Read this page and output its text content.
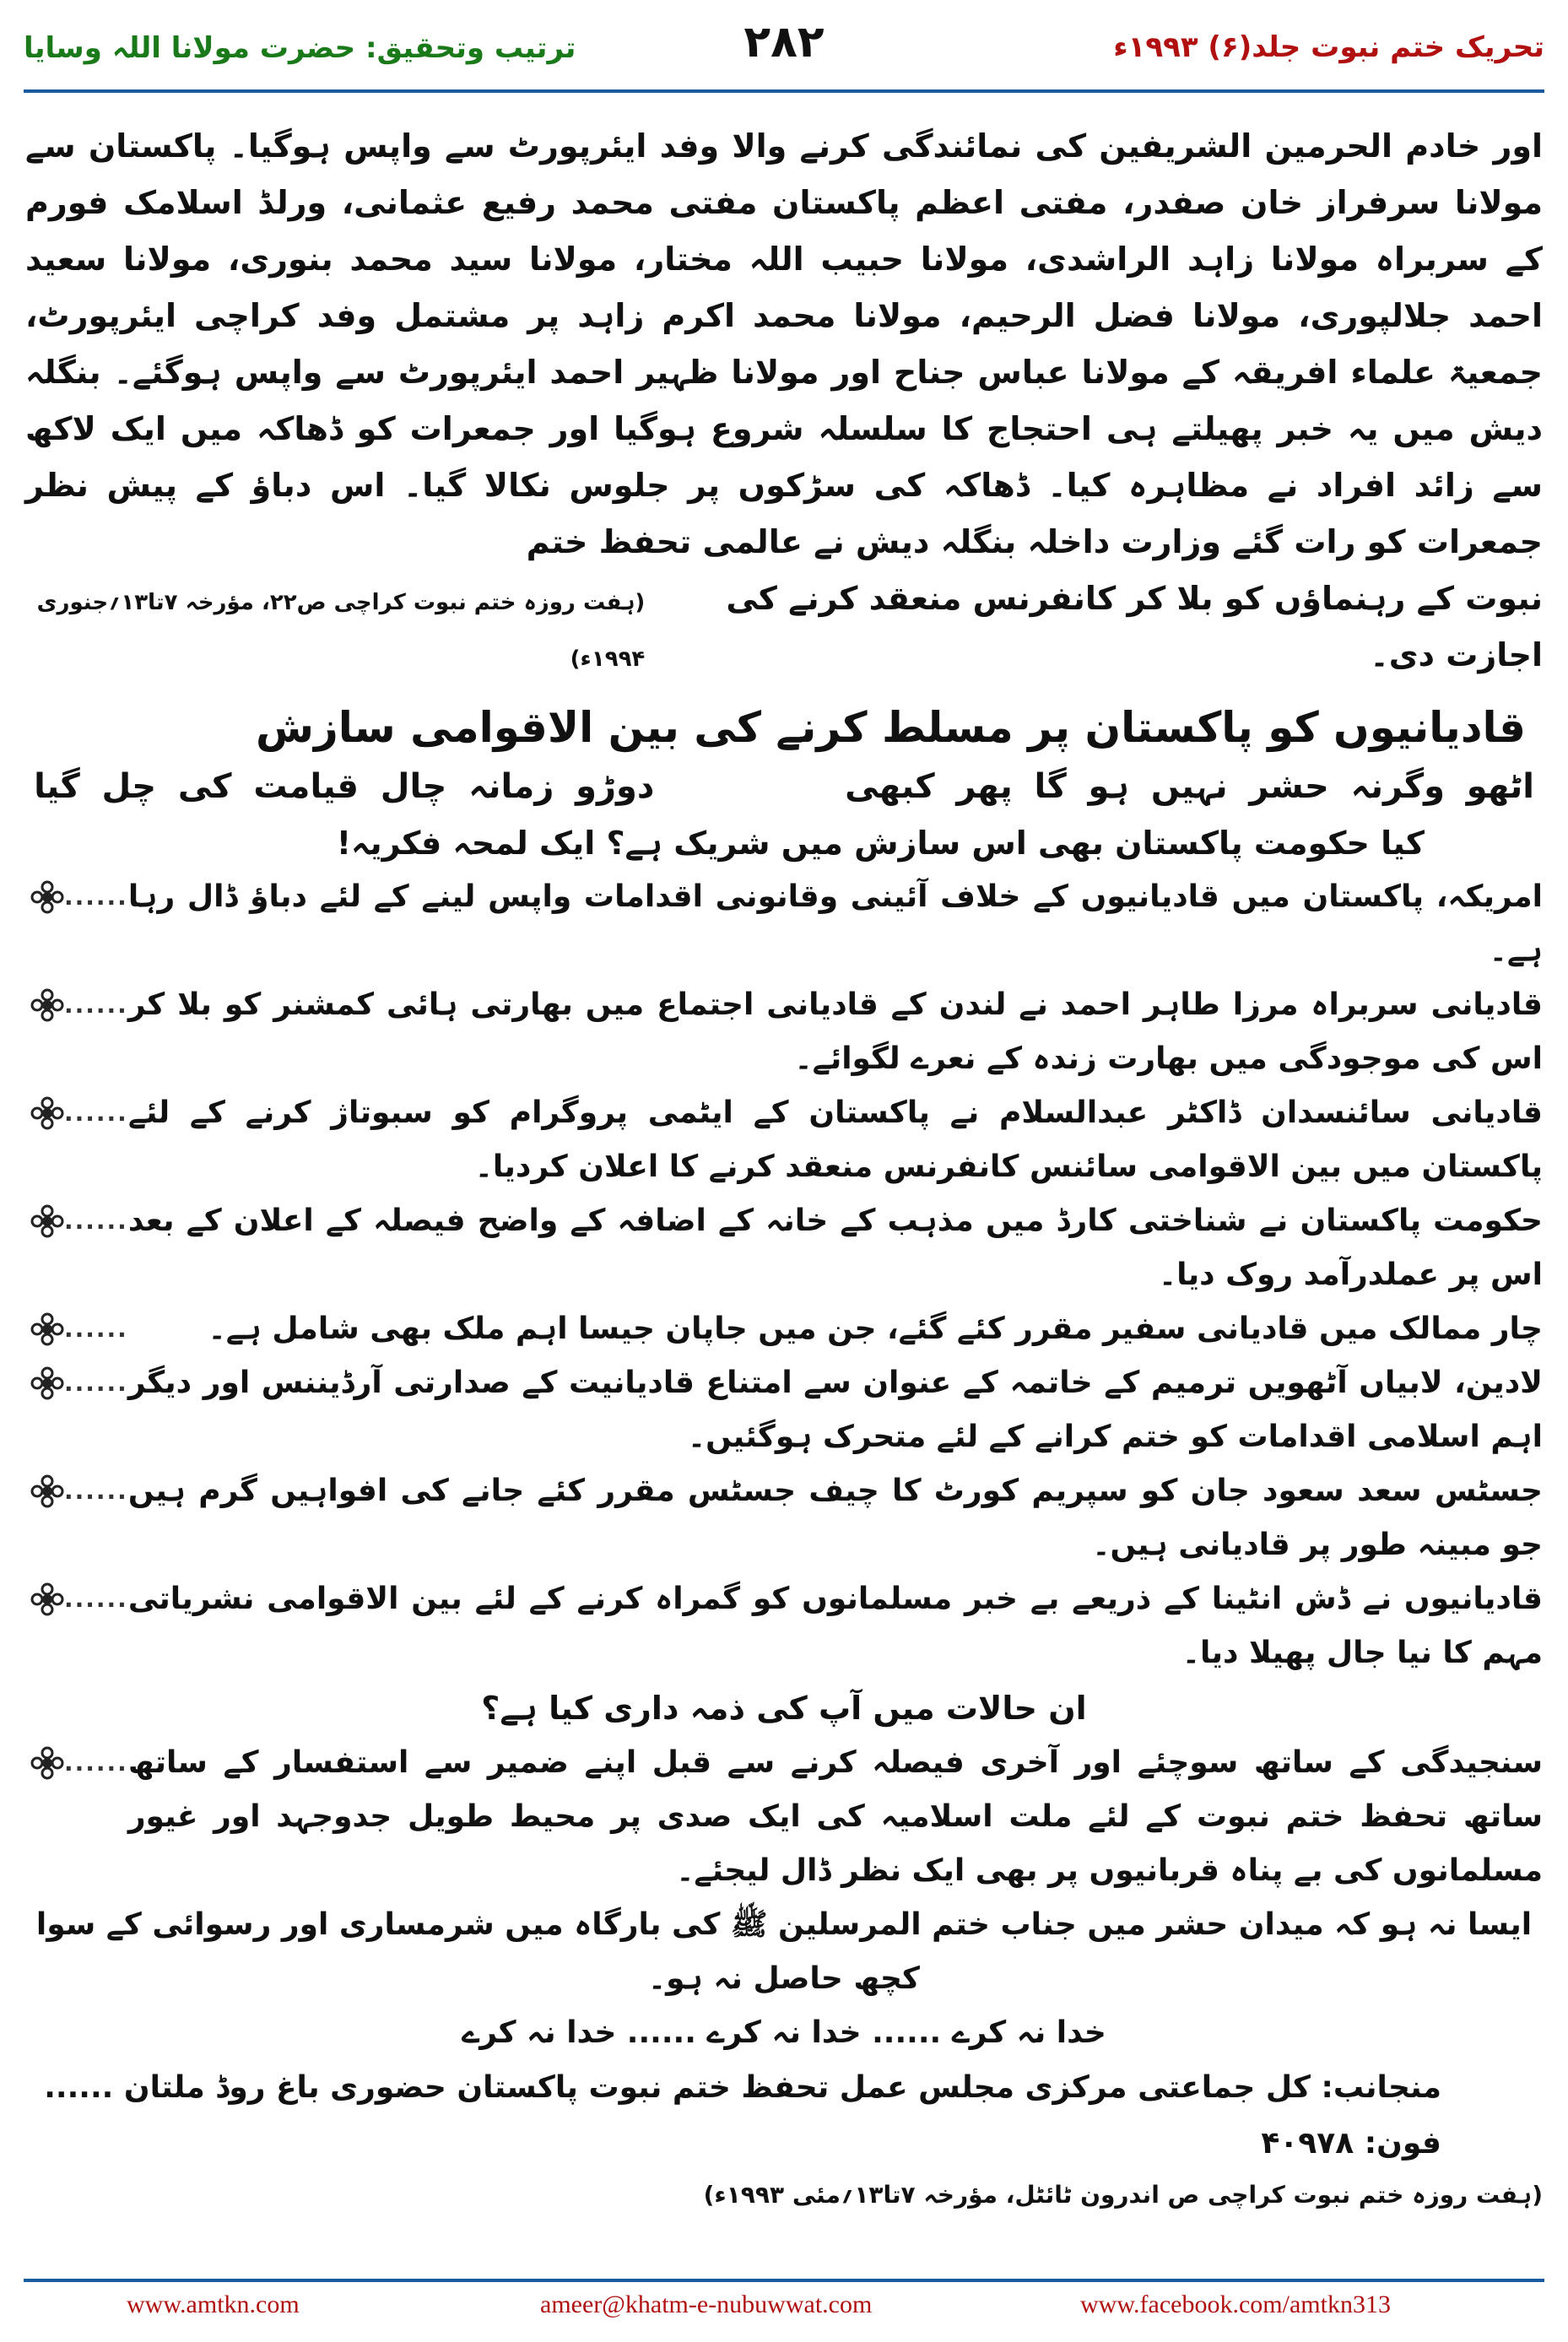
ترتیب وتحقیق: حضرت مولانا اللہ وسایا	۲۸۲	تحریک ختم نبوت جلد(۶) ۱۹۹۳ء

اور خادم الحرمین الشریفین کی نمائندگی کرنے والا وفد ایئرپورٹ سے واپس ہوگیا۔ پاکستان سے مولانا سرفراز خان صفدر، مفتی اعظم پاکستان مفتی محمد رفیع عثمانی، ورلڈ اسلامک فورم کے سربراہ مولانا زاہد الراشدی، مولانا حبیب اللہ مختار، مولانا سید محمد بنوری، مولانا سعید احمد جلالپوری، مولانا فضل الرحیم، مولانا محمد اکرم زاہد پر مشتمل وفد کراچی ایئرپورٹ، جمعیۃ علماء افریقہ کے مولانا عباس جناح اور مولانا ظہیر احمد ایئرپورٹ سے واپس ہوگئے۔ بنگلہ دیش میں یہ خبر پھیلتے ہی احتجاج کا سلسلہ شروع ہوگیا اور جمعرات کو ڈھاکہ میں ایک لاکھ سے زائد افراد نے مظاہرہ کیا۔ ڈھاکہ کی سڑکوں پر جلوس نکالا گیا۔ اس دباؤ کے پیش نظر جمعرات کو رات گئے وزارت داخلہ بنگلہ دیش نے عالمی تحفظ ختم

نبوت کے رہنماؤں کو بلا کر کانفرنس منعقد کرنے کی اجازت دی۔
(ہفت روزہ ختم نبوت کراچی ص۲۲، مؤرخہ ۷تا۱۳؍جنوری ۱۹۹۴ء)
قادیانیوں کو پاکستان پر مسلط کرنے کی بین الاقوامی سازش
اٹھو
وگرنہ
حشر
نہیں
ہو
گا
پھر
کبھی
دوڑو
زمانہ
چال
قیامت
کی
چل
گیا
کیا حکومت پاکستان بھی اس سازش میں شریک ہے؟ ایک لمحہ فکریہ!
امریکہ، پاکستان میں قادیانیوں کے خلاف آئینی وقانونی اقدامات واپس لینے کے لئے دباؤ ڈال رہا ہے۔
......
قادیانی سربراہ مرزا طاہر احمد نے لندن کے قادیانی اجتماع میں بھارتی ہائی کمشنر کو بلا کر اس کی موجودگی میں بھارت زندہ کے نعرے لگوائے۔
......
قادیانی سائنسدان ڈاکٹر عبدالسلام نے پاکستان کے ایٹمی پروگرام کو سبوتاژ کرنے کے لئے پاکستان میں بین الاقوامی سائنس کانفرنس منعقد کرنے کا اعلان کردیا۔
......
حکومت پاکستان نے شناختی کارڈ میں مذہب کے خانہ کے اضافہ کے واضح فیصلہ کے اعلان کے بعد اس پر عملدرآمد روک دیا۔
......
چار ممالک میں قادیانی سفیر مقرر کئے گئے، جن میں جاپان جیسا اہم ملک بھی شامل ہے۔
......
لادین، لابیاں آٹھویں ترمیم کے خاتمہ کے عنوان سے امتناع قادیانیت کے صدارتی آرڈیننس اور دیگر اہم اسلامی اقدامات کو ختم کرانے کے لئے متحرک ہوگئیں۔
......
جسٹس سعد سعود جان کو سپریم کورٹ کا چیف جسٹس مقرر کئے جانے کی افواہیں گرم ہیں جو مبینہ طور پر قادیانی ہیں۔
......
قادیانیوں نے ڈش انٹینا کے ذریعے بے خبر مسلمانوں کو گمراہ کرنے کے لئے بین الاقوامی نشریاتی مہم کا نیا جال پھیلا دیا۔
......
ان حالات میں آپ کی ذمہ داری کیا ہے؟
سنجیدگی کے ساتھ سوچئے اور آخری فیصلہ کرنے سے قبل اپنے ضمیر سے استفسار کے ساتھ ساتھ تحفظ ختم نبوت کے لئے ملت اسلامیہ کی ایک صدی پر محیط طویل جدوجہد اور غیور مسلمانوں کی بے پناہ قربانیوں پر بھی ایک نظر ڈال لیجئے۔
......
ایسا نہ ہو کہ میدان حشر میں جناب ختم المرسلین ﷺ کی بارگاہ میں شرمساری اور رسوائی کے سوا کچھ حاصل نہ ہو۔
خدا نہ کرے ...... خدا نہ کرے ...... خدا نہ کرے
منجانب: کل جماعتی مرکزی مجلس عمل تحفظ ختم نبوت پاکستان حضوری باغ روڈ ملتان ...... فون: ۴۰۹۷۸
(ہفت روزہ ختم نبوت کراچی ص اندرون ٹائٹل، مؤرخہ ۷تا۱۳؍مئی ۱۹۹۳ء)
www.amtkn.com	ameer@khatm-e-nubuwwat.com	www.facebook.com/amtkn313
